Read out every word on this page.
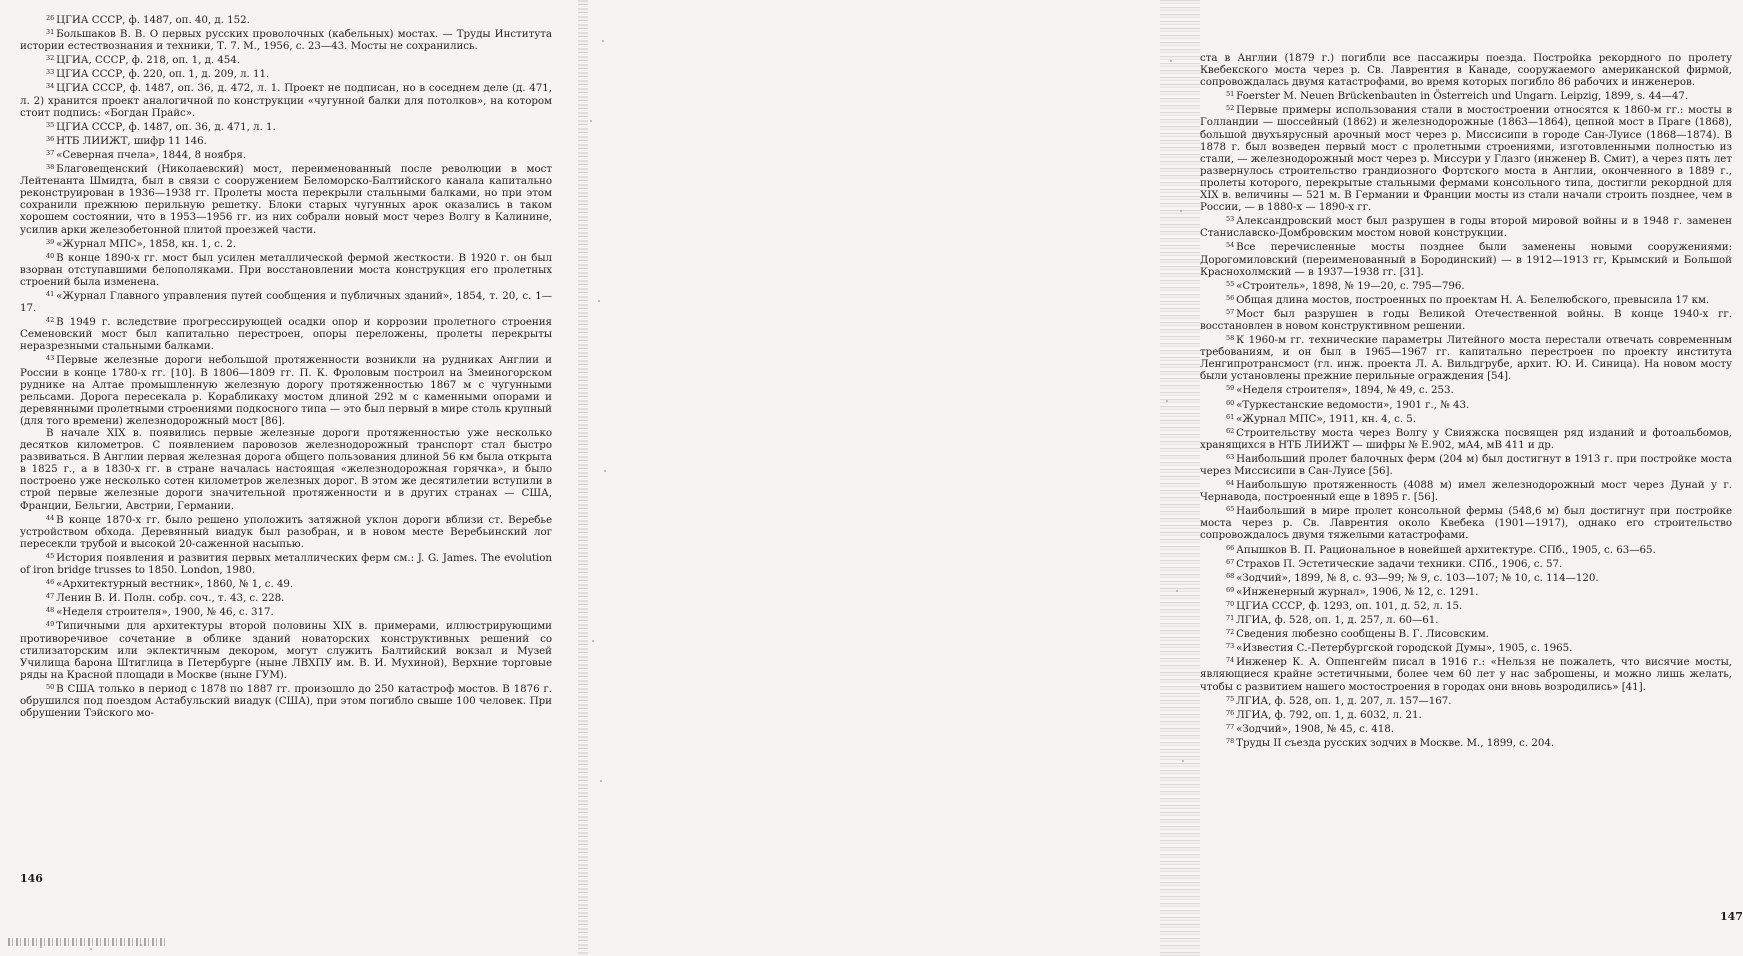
$^{26}$ ЦГИА СССР, ф. 1487, оп. 40, д. 152.

$^{31}$ Большаков В. В. О первых русских проволочных (кабельных) мостах. — Труды Института истории естествознания и техники, Т. 7. М., 1956, с. 23—43. Мосты не сохранились.

$^{32}$ ЦГИА, СССР, ф. 218, оп. 1, д. 454.

$^{33}$ ЦГИА СССР, ф. 220, оп. 1, д. 209, л. 11.

$^{34}$ ЦГИА СССР, ф. 1487, оп. 36, д. 472, л. 1. Проект не подписан, но в соседнем деле (д. 471, л. 2) хранится проект аналогичной по конструкции «чугунной балки для потолков», на котором стоит подпись: «Богдан Прайс».

$^{35}$ ЦГИА СССР, ф. 1487, оп. 36, д. 471, л. 1.

$^{36}$ НТБ ЛИИЖТ, шифр 11 146.

$^{37}$ «Северная пчела», 1844, 8 ноября.

$^{38}$ Благовещенский (Николаевский) мост, переименованный после революции в мост Лейтенанта Шмидта, был в связи с сооружением Беломорско-Балтийского канала капитально реконструирован в 1936—1938 гг. Пролеты моста перекрыли стальными балками, но при этом сохранили прежнюю перильную решетку. Блоки старых чугунных арок оказались в таком хорошем состоянии, что в 1953—1956 гг. из них собрали новый мост через Волгу в Калинине, усилив арки железобетонной плитой проезжей части.

$^{39}$ «Журнал МПС», 1858, кн. 1, с. 2.

$^{40}$ В конце 1890-х гг. мост был усилен металлической фермой жесткости. В 1920 г. он был взорван отступавшими белополяками. При восстановлении моста конструкция его пролетных строений была изменена.

$^{41}$ «Журнал Главного управления путей сообщения и публичных зданий», 1854, т. 20, с. 1—17.

$^{42}$ В 1949 г. вследствие прогрессирующей осадки опор и коррозии пролетного строения Семеновский мост был капитально перестроен, опоры переложены, пролеты перекрыты неразрезными стальными балками.

$^{43}$ Первые железные дороги небольшой протяженности возникли на рудниках Англии и России в конце 1780-х гг. [10]. В 1806—1809 гг. П. К. Фроловым построил на Змеиногорском руднике на Алтае промышленную железную дорогу протяженностью 1867 м с чугунными рельсами. Дорога пересекала р. Корабликаху мостом длиной 292 м с каменными опорами и деревянными пролетными строениями подкосного типа — это был первый в мире столь крупный (для того времени) железнодорожный мост [86].

В начале XIX в. появились первые железные дороги протяженностью уже несколько десятков километров. С появлением паровозов железнодорожный транспорт стал быстро развиваться. В Англии первая железная дорога общего пользования длиной 56 км была открыта в 1825 г., а в 1830-х гг. в стране началась настоящая «железнодорожная горячка», и было построено уже несколько сотен километров железных дорог. В этом же десятилетии вступили в строй первые железные дороги значительной протяженности и в других странах — США, Франции, Бельгии, Австрии, Германии.

$^{44}$ В конце 1870-х гг. было решено уположить затяжной уклон дороги вблизи ст. Веребье устройством обхода. Деревянный виадук был разобран, и в новом месте Веребьинский лог пересекли трубой и высокой 20-саженной насыпью.

$^{45}$ История появления и развития первых металлических ферм см.: J. G. James. The evolution of iron bridge trusses to 1850. London, 1980.

$^{46}$ «Архитектурный вестник», 1860, № 1, с. 49.

$^{47}$ Ленин В. И. Полн. собр. соч., т. 43, с. 228.

$^{48}$ «Неделя строителя», 1900, № 46, с. 317.

$^{49}$ Типичными для архитектуры второй половины XIX в. примерами, иллюстрирующими противоречивое сочетание в облике зданий новаторских конструктивных решений со стилизаторским или эклектичным декором, могут служить Балтийский вокзал и Музей Училища барона Штиглица в Петербурге (ныне ЛВХПУ им. В. И. Мухиной), Верхние торговые ряды на Красной площади в Москве (ныне ГУМ).

$^{50}$ В США только в период с 1878 по 1887 гг. произошло до 250 катастроф мостов. В 1876 г. обрушился под поездом Астабульский виадук (США), при этом погибло свыше 100 человек. При обрушении Тэйского мо-

146

ста в Англии (1879 г.) погибли все пассажиры поезда. Постройка рекордного по пролету Квебекского моста через р. Св. Лаврентия в Канаде, сооружаемого американской фирмой, сопровождалась двумя катастрофами, во время которых погибло 86 рабочих и инженеров.

$^{51}$ Foerster M. Neuen Brückenbauten in Österreich und Ungarn. Leipzig, 1899, s. 44—47.

$^{52}$ Первые примеры использования стали в мостостроении относятся к 1860-м гг.: мосты в Голландии — шоссейный (1862) и железнодорожные (1863—1864), цепной мост в Праге (1868), большой двухъярусный арочный мост через р. Миссисипи в городе Сан-Луисе (1868—1874). В 1878 г. был возведен первый мост с пролетными строениями, изготовленными полностью из стали, — железнодорожный мост через р. Миссури у Глазго (инженер В. Смит), а через пять лет развернулось строительство грандиозного Фортского моста в Англии, оконченного в 1889 г., пролеты которого, перекрытые стальными фермами консольного типа, достигли рекордной для XIX в. величины — 521 м. В Германии и Франции мосты из стали начали строить позднее, чем в России, — в 1880-х — 1890-х гг.

$^{53}$ Александровский мост был разрушен в годы второй мировой войны и в 1948 г. заменен Станиславско-Домбровским мостом новой конструкции.

$^{54}$ Все перечисленные мосты позднее были заменены новыми сооружениями: Дорогомиловский (переименованный в Бородинский) — в 1912—1913 гг, Крымский и Большой Краснохолмский — в 1937—1938 гг. [31].

$^{55}$ «Строитель», 1898, № 19—20, с. 795—796.

$^{56}$ Общая длина мостов, построенных по проектам Н. А. Белелюбского, превысила 17 км.

$^{57}$ Мост был разрушен в годы Великой Отечественной войны. В конце 1940-х гг. восстановлен в новом конструктивном решении.

$^{58}$ К 1960-м гг. технические параметры Литейного моста перестали отвечать современным требованиям, и он был в 1965—1967 гг. капитально перестроен по проекту института Ленгипротрансмост (гл. инж. проекта Л. А. Вильдгрубе, архит. Ю. И. Синица). На новом мосту были установлены прежние перильные ограждения [54].

$^{59}$ «Неделя строителя», 1894, № 49, с. 253.

$^{60}$ «Туркестанские ведомости», 1901 г., № 43.

$^{61}$ «Журнал МПС», 1911, кн. 4, с. 5.

$^{62}$ Строительству моста через Волгу у Свияжска посвящен ряд изданий и фотоальбомов, хранящихся в НТБ ЛИИЖТ — шифры № Е.902, мА4, мВ 411 и др.

$^{63}$ Наибольший пролет балочных ферм (204 м) был достигнут в 1913 г. при постройке моста через Миссисипи в Сан-Луисе [56].

$^{64}$ Наибольшую протяженность (4088 м) имел железнодорожный мост через Дунай у г. Чернавода, построенный еще в 1895 г. [56].

$^{65}$ Наибольший в мире пролет консольной фермы (548,6 м) был достигнут при постройке моста через р. Св. Лаврентия около Квебека (1901—1917), однако его строительство сопровождалось двумя тяжелыми катастрофами.

$^{66}$ Апышков В. П. Рациональное в новейшей архитектуре. СПб., 1905, с. 63—65.

$^{67}$ Страхов П. Эстетические задачи техники. СПб., 1906, с. 57.

$^{68}$ «Зодчий», 1899, № 8, с. 93—99; № 9, с. 103—107; № 10, с. 114—120.

$^{69}$ «Инженерный журнал», 1906, № 12, с. 1291.

$^{70}$ ЦГИА СССР, ф. 1293, оп. 101, д. 52, л. 15.

$^{71}$ ЛГИА, ф. 528, оп. 1, д. 257, л. 60—61.

$^{72}$ Сведения любезно сообщены В. Г. Лисовским.

$^{73}$ «Известия С.-Петербургской городской Думы», 1905, с. 1965.

$^{74}$ Инженер К. А. Оппенгейм писал в 1916 г.: «Нельзя не пожалеть, что висячие мосты, являющиеся крайне эстетичными, более чем 60 лет у нас заброшены, и можно лишь желать, чтобы с развитием нашего мостостроения в городах они вновь возродились» [41].

$^{75}$ ЛГИА, ф. 528, оп. 1, д. 207, л. 157—167.

$^{76}$ ЛГИА, ф. 792, оп. 1, д. 6032, л. 21.

$^{77}$ «Зодчий», 1908, № 45, с. 418.

$^{78}$ Труды II съезда русских зодчих в Москве. М., 1899, с. 204.

147
